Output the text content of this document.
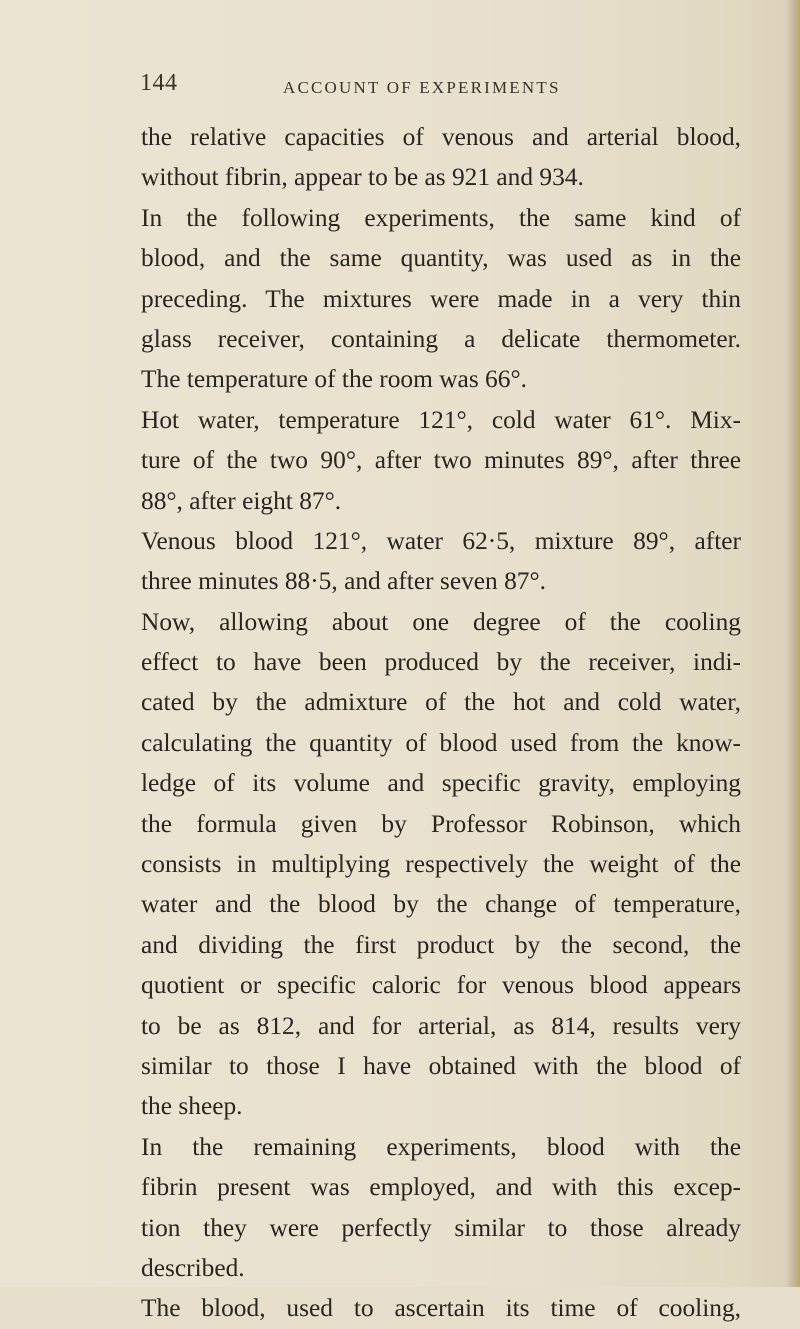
144	ACCOUNT OF EXPERIMENTS
the relative capacities of venous and arterial blood,
without fibrin, appear to be as 921 and 934.
In the following experiments, the same kind of
blood, and the same quantity, was used as in the
preceding. The mixtures were made in a very thin
glass receiver, containing a delicate thermometer.
The temperature of the room was 66°.
Hot water, temperature 121°, cold water 61°. Mix-
ture of the two 90°, after two minutes 89°, after three
88°, after eight 87°.
Venous blood 121°, water 62·5, mixture 89°, after
three minutes 88·5, and after seven 87°.
Now, allowing about one degree of the cooling
effect to have been produced by the receiver, indi-
cated by the admixture of the hot and cold water,
calculating the quantity of blood used from the know-
ledge of its volume and specific gravity, employing
the formula given by Professor Robinson, which
consists in multiplying respectively the weight of the
water and the blood by the change of temperature,
and dividing the first product by the second, the
quotient or specific caloric for venous blood appears
to be as 812, and for arterial, as 814, results very
similar to those I have obtained with the blood of
the sheep.
In the remaining experiments, blood with the
fibrin present was employed, and with this excep-
tion they were perfectly similar to those already
described.
The blood, used to ascertain its time of cooling,
